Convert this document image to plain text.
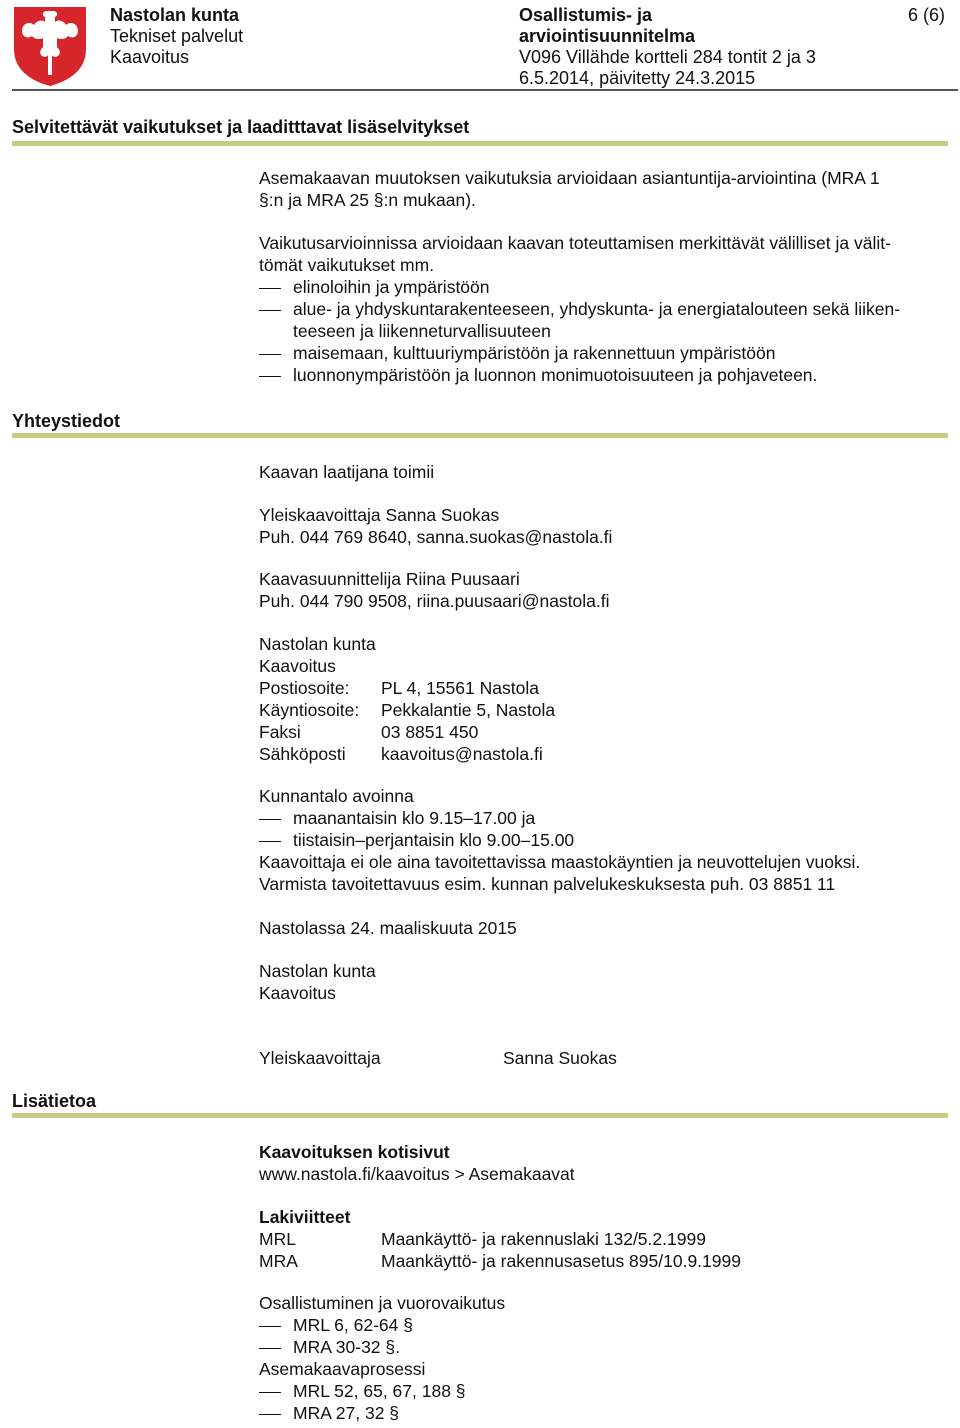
Nastolan kunta
Tekniset palvelut
Kaavoitus
Osallistumis- ja
arviointisuunnitelma
V096 Villähde kortteli 284 tontit 2 ja 3
6.5.2014, päivitetty 24.3.2015
6 (6)
Selvitettävät vaikutukset ja laaditttavat lisäselvitykset
Asemakaavan muutoksen vaikutuksia arvioidaan asiantuntija-arviointina (MRA 1
§:n ja MRA 25 §:n mukaan).
Vaikutusarvioinnissa arvioidaan kaavan toteuttamisen merkittävät välilliset ja välit-
tömät vaikutukset mm.
elinoloihin ja ympäristöön
alue- ja yhdyskuntarakenteeseen, yhdyskunta- ja energiatalouteen sekä liiken-
teeseen ja liikenneturvallisuuteen
maisemaan, kulttuuriympäristöön ja rakennettuun ympäristöön
luonnonympäristöön ja luonnon monimuotoisuuteen ja pohjaveteen.
Yhteystiedot
Kaavan laatijana toimii
Yleiskaavoittaja Sanna Suokas
Puh. 044 769 8640, sanna.suokas@nastola.fi
Kaavasuunnittelija Riina Puusaari
Puh. 044 790 9508, riina.puusaari@nastola.fi
Nastolan kunta
Kaavoitus
Postiosoite:	PL 4, 15561 Nastola
Käyntiosoite:	Pekkalantie 5, Nastola
Faksi	03 8851 450
Sähköposti	kaavoitus@nastola.fi
Kunnantalo avoinna
maanantaisin klo 9.15–17.00 ja
tiistaisin–perjantaisin klo 9.00–15.00
Kaavoittaja ei ole aina tavoitettavissa maastokäyntien ja neuvottelujen vuoksi.
Varmista tavoitettavuus esim. kunnan palvelukeskuksesta puh. 03 8851 11
Nastolassa 24. maaliskuuta 2015
Nastolan kunta
Kaavoitus
Yleiskaavoittaja	Sanna Suokas
Lisätietoa
Kaavoituksen kotisivut
www.nastola.fi/kaavoitus > Asemakaavat
Lakiviitteet
MRL	Maankäyttö- ja rakennuslaki 132/5.2.1999
MRA	Maankäyttö- ja rakennusasetus 895/10.9.1999
Osallistuminen ja vuorovaikutus
MRL 6, 62-64 §
MRA 30-32 §.
Asemakaavaprosessi
MRL 52, 65, 67, 188 §
MRA 27, 32 §
